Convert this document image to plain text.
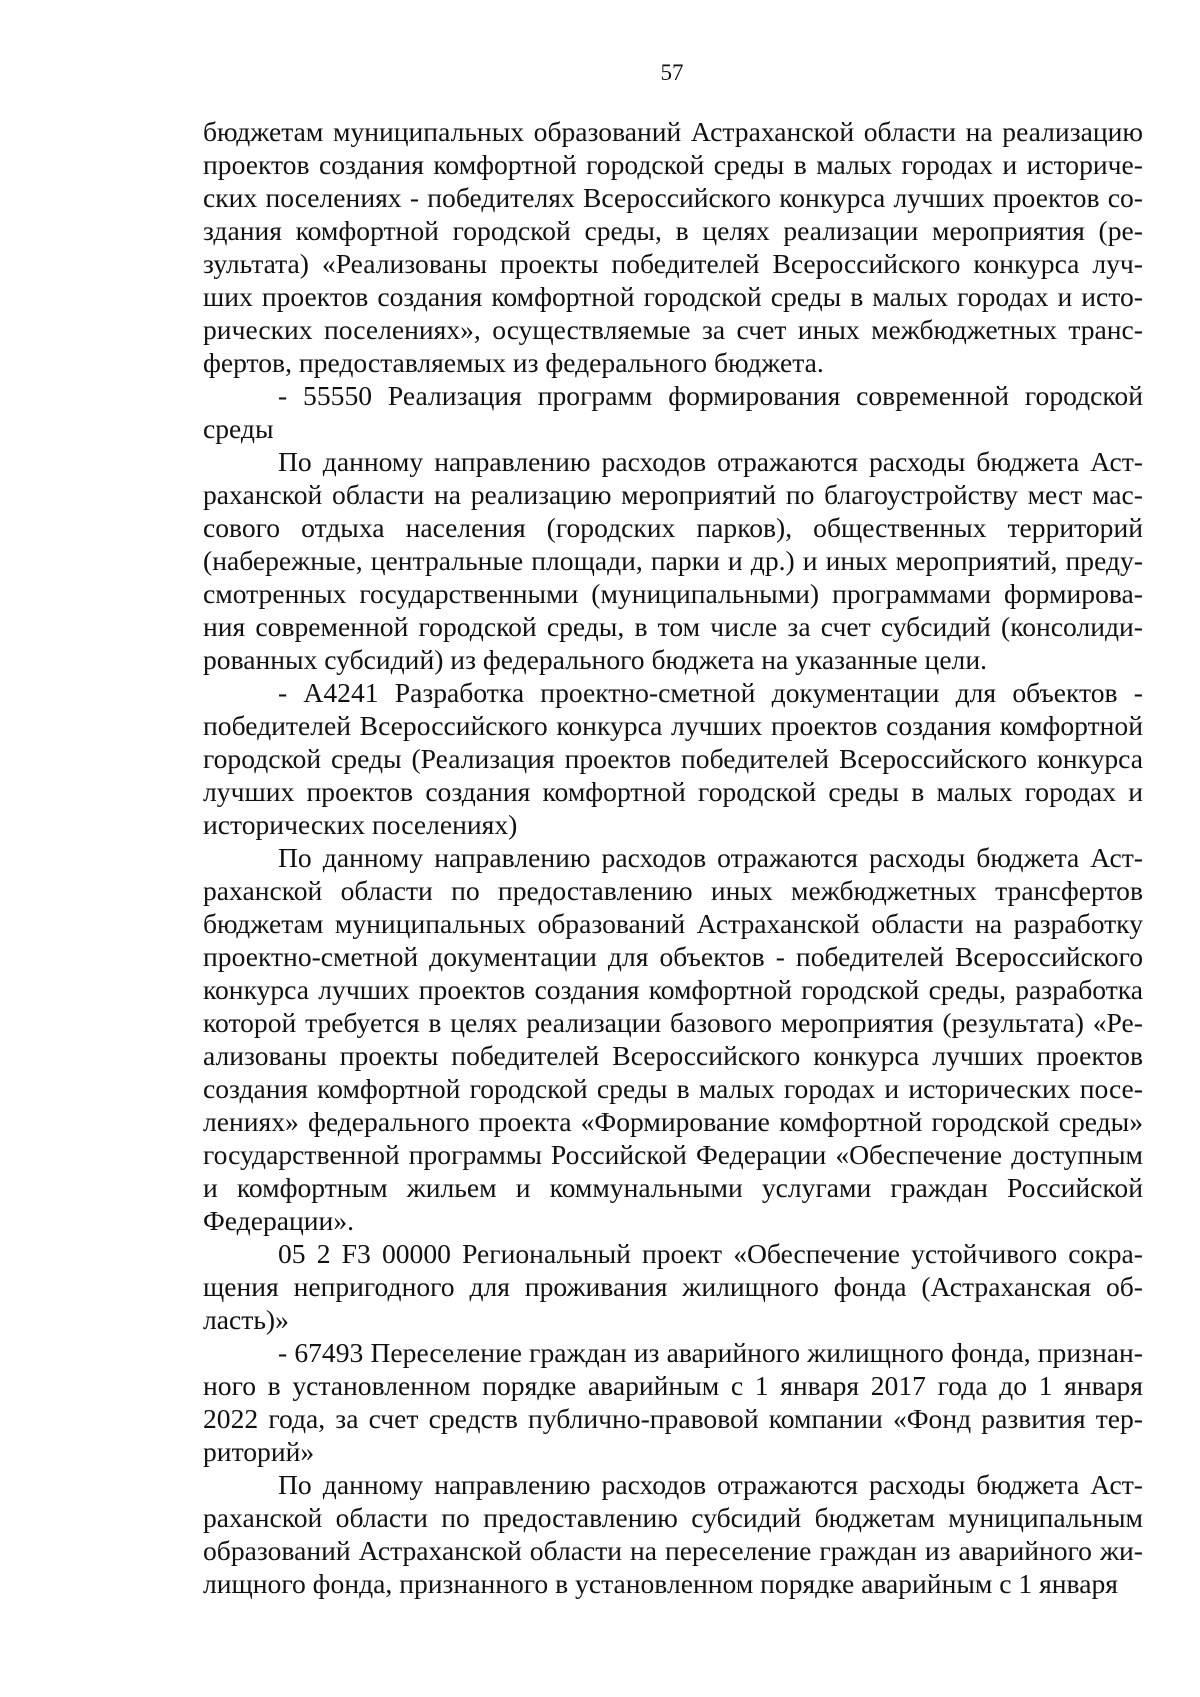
57

бюджетам муниципальных образований Астраханской области на реализацию проектов создания комфортной городской среды в малых городах и исторических поселениях - победителях Всероссийского конкурса лучших проектов создания комфортной городской среды, в целях реализации мероприятия (результата) «Реализованы проекты победителей Всероссийского конкурса лучших проектов создания комфортной городской среды в малых городах и исторических поселениях», осуществляемые за счет иных межбюджетных трансфертов, предоставляемых из федерального бюджета.

- 55550 Реализация программ формирования современной городской среды

По данному направлению расходов отражаются расходы бюджета Астраханской области на реализацию мероприятий по благоустройству мест массового отдыха населения (городских парков), общественных территорий (набережные, центральные площади, парки и др.) и иных мероприятий, предусмотренных государственными (муниципальными) программами формирования современной городской среды, в том числе за счет субсидий (консолидированных субсидий) из федерального бюджета на указанные цели.

- А4241 Разработка проектно-сметной документации для объектов - победителей Всероссийского конкурса лучших проектов создания комфортной городской среды (Реализация проектов победителей Всероссийского конкурса лучших проектов создания комфортной городской среды в малых городах и исторических поселениях)

По данному направлению расходов отражаются расходы бюджета Астраханской области по предоставлению иных межбюджетных трансфертов бюджетам муниципальных образований Астраханской области на разработку проектно-сметной документации для объектов - победителей Всероссийского конкурса лучших проектов создания комфортной городской среды, разработка которой требуется в целях реализации базового мероприятия (результата) «Реализованы проекты победителей Всероссийского конкурса лучших проектов создания комфортной городской среды в малых городах и исторических поселениях» федерального проекта «Формирование комфортной городской среды» государственной программы Российской Федерации «Обеспечение доступным и комфортным жильем и коммунальными услугами граждан Российской Федерации».

05 2 F3 00000 Региональный проект «Обеспечение устойчивого сокращения непригодного для проживания жилищного фонда (Астраханская область)»

- 67493 Переселение граждан из аварийного жилищного фонда, признанного в установленном порядке аварийным с 1 января 2017 года до 1 января 2022 года, за счет средств публично-правовой компании «Фонд развития территорий»

По данному направлению расходов отражаются расходы бюджета Астраханской области по предоставлению субсидий бюджетам муниципальным образований Астраханской области на переселение граждан из аварийного жилищного фонда, признанного в установленном порядке аварийным с 1 января
